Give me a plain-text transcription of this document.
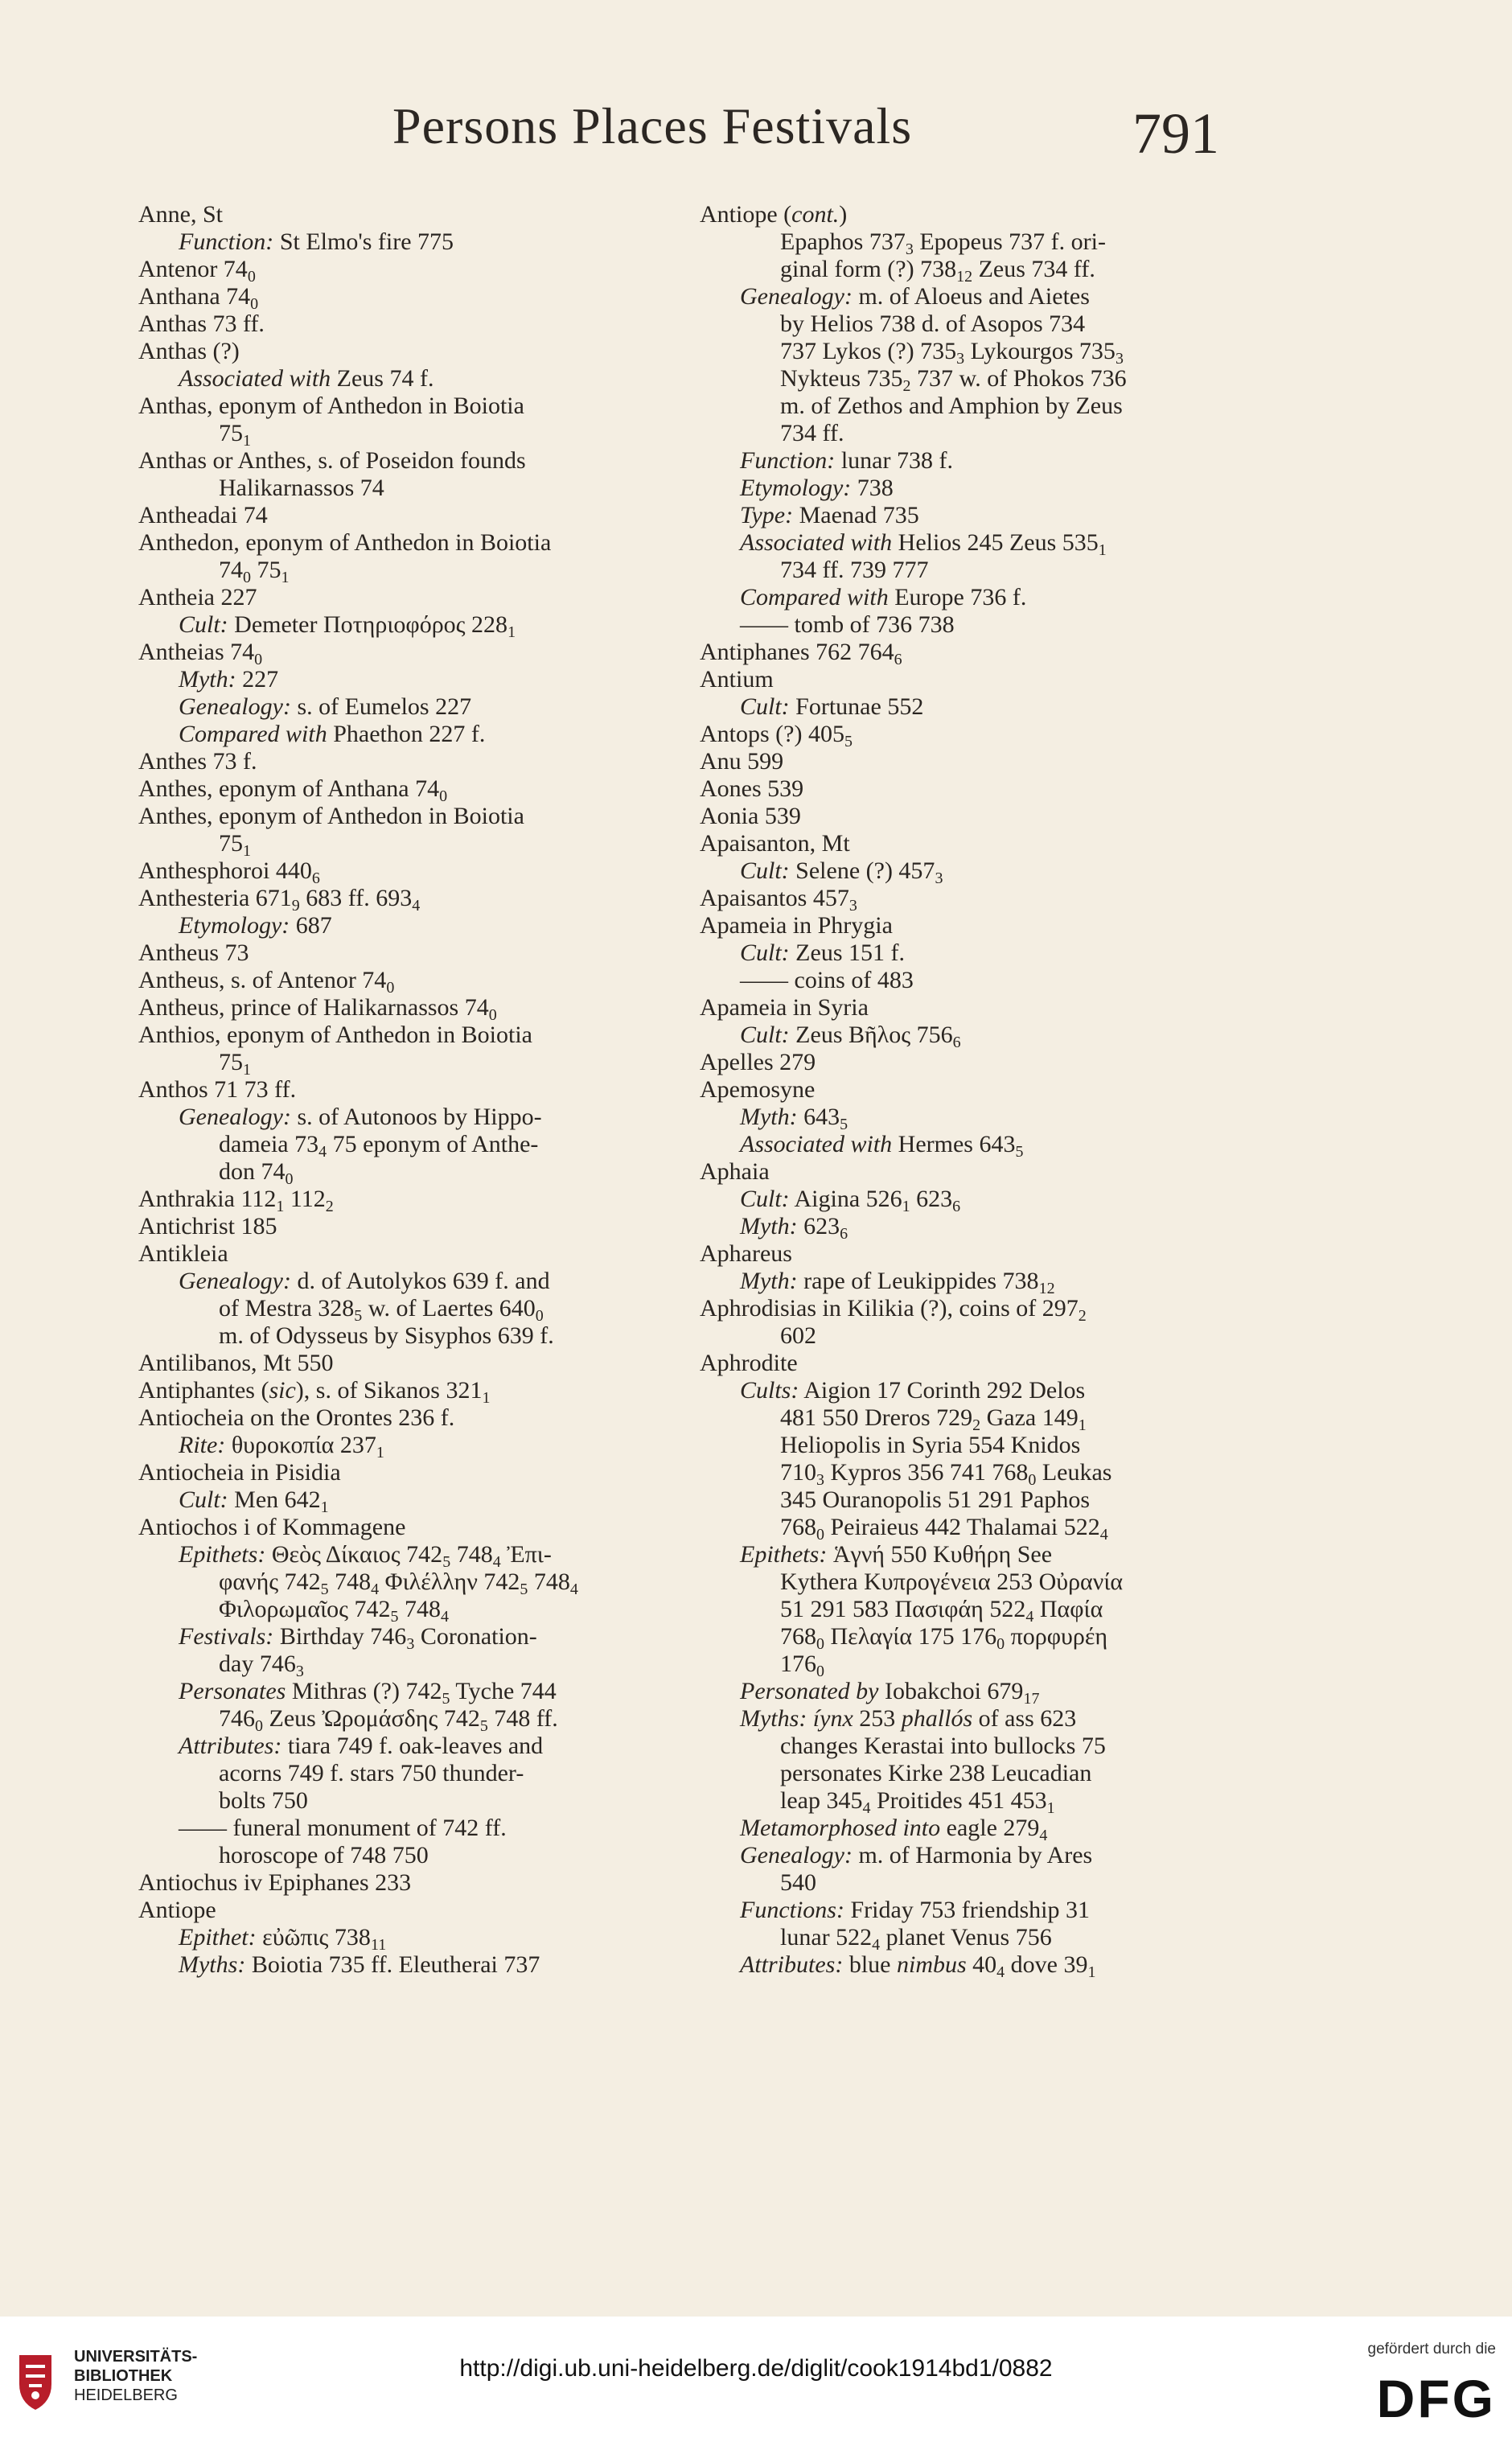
Persons Places Festivals	791
Anne, St
Function: St Elmo's fire 775
Antenor $74_0$
Anthana $74_0$
Anthas 73 ff.
Anthas (?)
Associated with Zeus 74 f.
Anthas, eponym of Anthedon in Boiotia
$75_1$
Anthas or Anthes, s. of Poseidon founds
Halikarnassos 74
Antheadai 74
Anthedon, eponym of Anthedon in Boiotia
$74_0$ $75_1$
Antheia 227
Cult: Demeter Ποτηριοφόρος $228_1$
Antheias $74_0$
Myth: 227
Genealogy: s. of Eumelos 227
Compared with Phaethon 227 f.
Anthes 73 f.
Anthes, eponym of Anthana $74_0$
Anthes, eponym of Anthedon in Boiotia
$75_1$
Anthesphoroi $440_6$
Anthesteria $671_9$ 683 ff. $693_4$
Etymology: 687
Antheus 73
Antheus, s. of Antenor $74_0$
Antheus, prince of Halikarnassos $74_0$
Anthios, eponym of Anthedon in Boiotia
$75_1$
Anthos 71 73 ff.
Genealogy: s. of Autonoos by Hippo-
dameia $73_4$ 75 eponym of Anthe-
don $74_0$
Anthrakia $112_1$ $112_2$
Antichrist 185
Antikleia
Genealogy: d. of Autolykos 639 f. and
of Mestra $328_5$ w. of Laertes $640_0$
m. of Odysseus by Sisyphos 639 f.
Antilibanos, Mt 550
Antiphantes (sic), s. of Sikanos $321_1$
Antiocheia on the Orontes 236 f.
Rite: θυροκοπία $237_1$
Antiocheia in Pisidia
Cult: Men $642_1$
Antiochos i of Kommagene
Epithets: Θεὸς Δίκαιος $742_5$ $748_4$ Ἐπι-
φανής $742_5$ $748_4$ Φιλέλλην $742_5$ $748_4$
Φιλορωμαῖος $742_5$ $748_4$
Festivals: Birthday $746_3$ Coronation-
day $746_3$
Personates Mithras (?) $742_5$ Tyche 744
$746_0$ Zeus Ὠρομάσδης $742_5$ 748 ff.
Attributes: tiara 749 f. oak-leaves and
acorns 749 f. stars 750 thunder-
bolts 750
—— funeral monument of 742 ff.
horoscope of 748 750
Antiochus iv Epiphanes 233
Antiope
Epithet: εὐῶπις $738_{11}$
Myths: Boiotia 735 ff. Eleutherai 737
Antiope (cont.)
Epaphos $737_3$ Epopeus 737 f. ori-
ginal form (?) $738_{12}$ Zeus 734 ff.
Genealogy: m. of Aloeus and Aietes
by Helios 738 d. of Asopos 734
737 Lykos (?) $735_3$ Lykourgos $735_3$
Nykteus $735_2$ 737 w. of Phokos 736
m. of Zethos and Amphion by Zeus
734 ff.
Function: lunar 738 f.
Etymology: 738
Type: Maenad 735
Associated with Helios 245 Zeus $535_1$
734 ff. 739 777
Compared with Europe 736 f.
—— tomb of 736 738
Antiphanes 762 $764_6$
Antium
Cult: Fortunae 552
Antops (?) $405_5$
Anu 599
Aones 539
Aonia 539
Apaisanton, Mt
Cult: Selene (?) $457_3$
Apaisantos $457_3$
Apameia in Phrygia
Cult: Zeus 151 f.
—— coins of 483
Apameia in Syria
Cult: Zeus Βῆλος $756_6$
Apelles 279
Apemosyne
Myth: $643_5$
Associated with Hermes $643_5$
Aphaia
Cult: Aigina $526_1$ $623_6$
Myth: $623_6$
Aphareus
Myth: rape of Leukippides $738_{12}$
Aphrodisias in Kilikia (?), coins of $297_2$
602
Aphrodite
Cults: Aigion 17 Corinth 292 Delos
481 550 Dreros $729_2$ Gaza $149_1$
Heliopolis in Syria 554 Knidos
$710_3$ Kypros 356 741 $768_0$ Leukas
345 Ouranopolis 51 291 Paphos
$768_0$ Peiraieus 442 Thalamai $522_4$
Epithets: Ἁγνή 550 Κυθήρη See
Kythera Κυπρογένεια 253 Οὐρανία
51 291 583 Πασιφάη $522_4$ Παφία
$768_0$ Πελαγία 175 $176_0$ πορφυρέη
$176_0$
Personated by Iobakchoi $679_{17}$
Myths: íynx 253 phallós of ass 623
changes Kerastai into bullocks 75
personates Kirke 238 Leucadian
leap $345_4$ Proitides 451 $453_1$
Metamorphosed into eagle $279_4$
Genealogy: m. of Harmonia by Ares
540
Functions: Friday 753 friendship 31
lunar $522_4$ planet Venus 756
Attributes: blue nimbus $40_4$ dove $39_1$
UNIVERSITÄTS-
BIBLIOTHEK
HEIDELBERG
http://digi.ub.uni-heidelberg.de/diglit/cook1914bd1/0882
gefördert durch die
DFG
